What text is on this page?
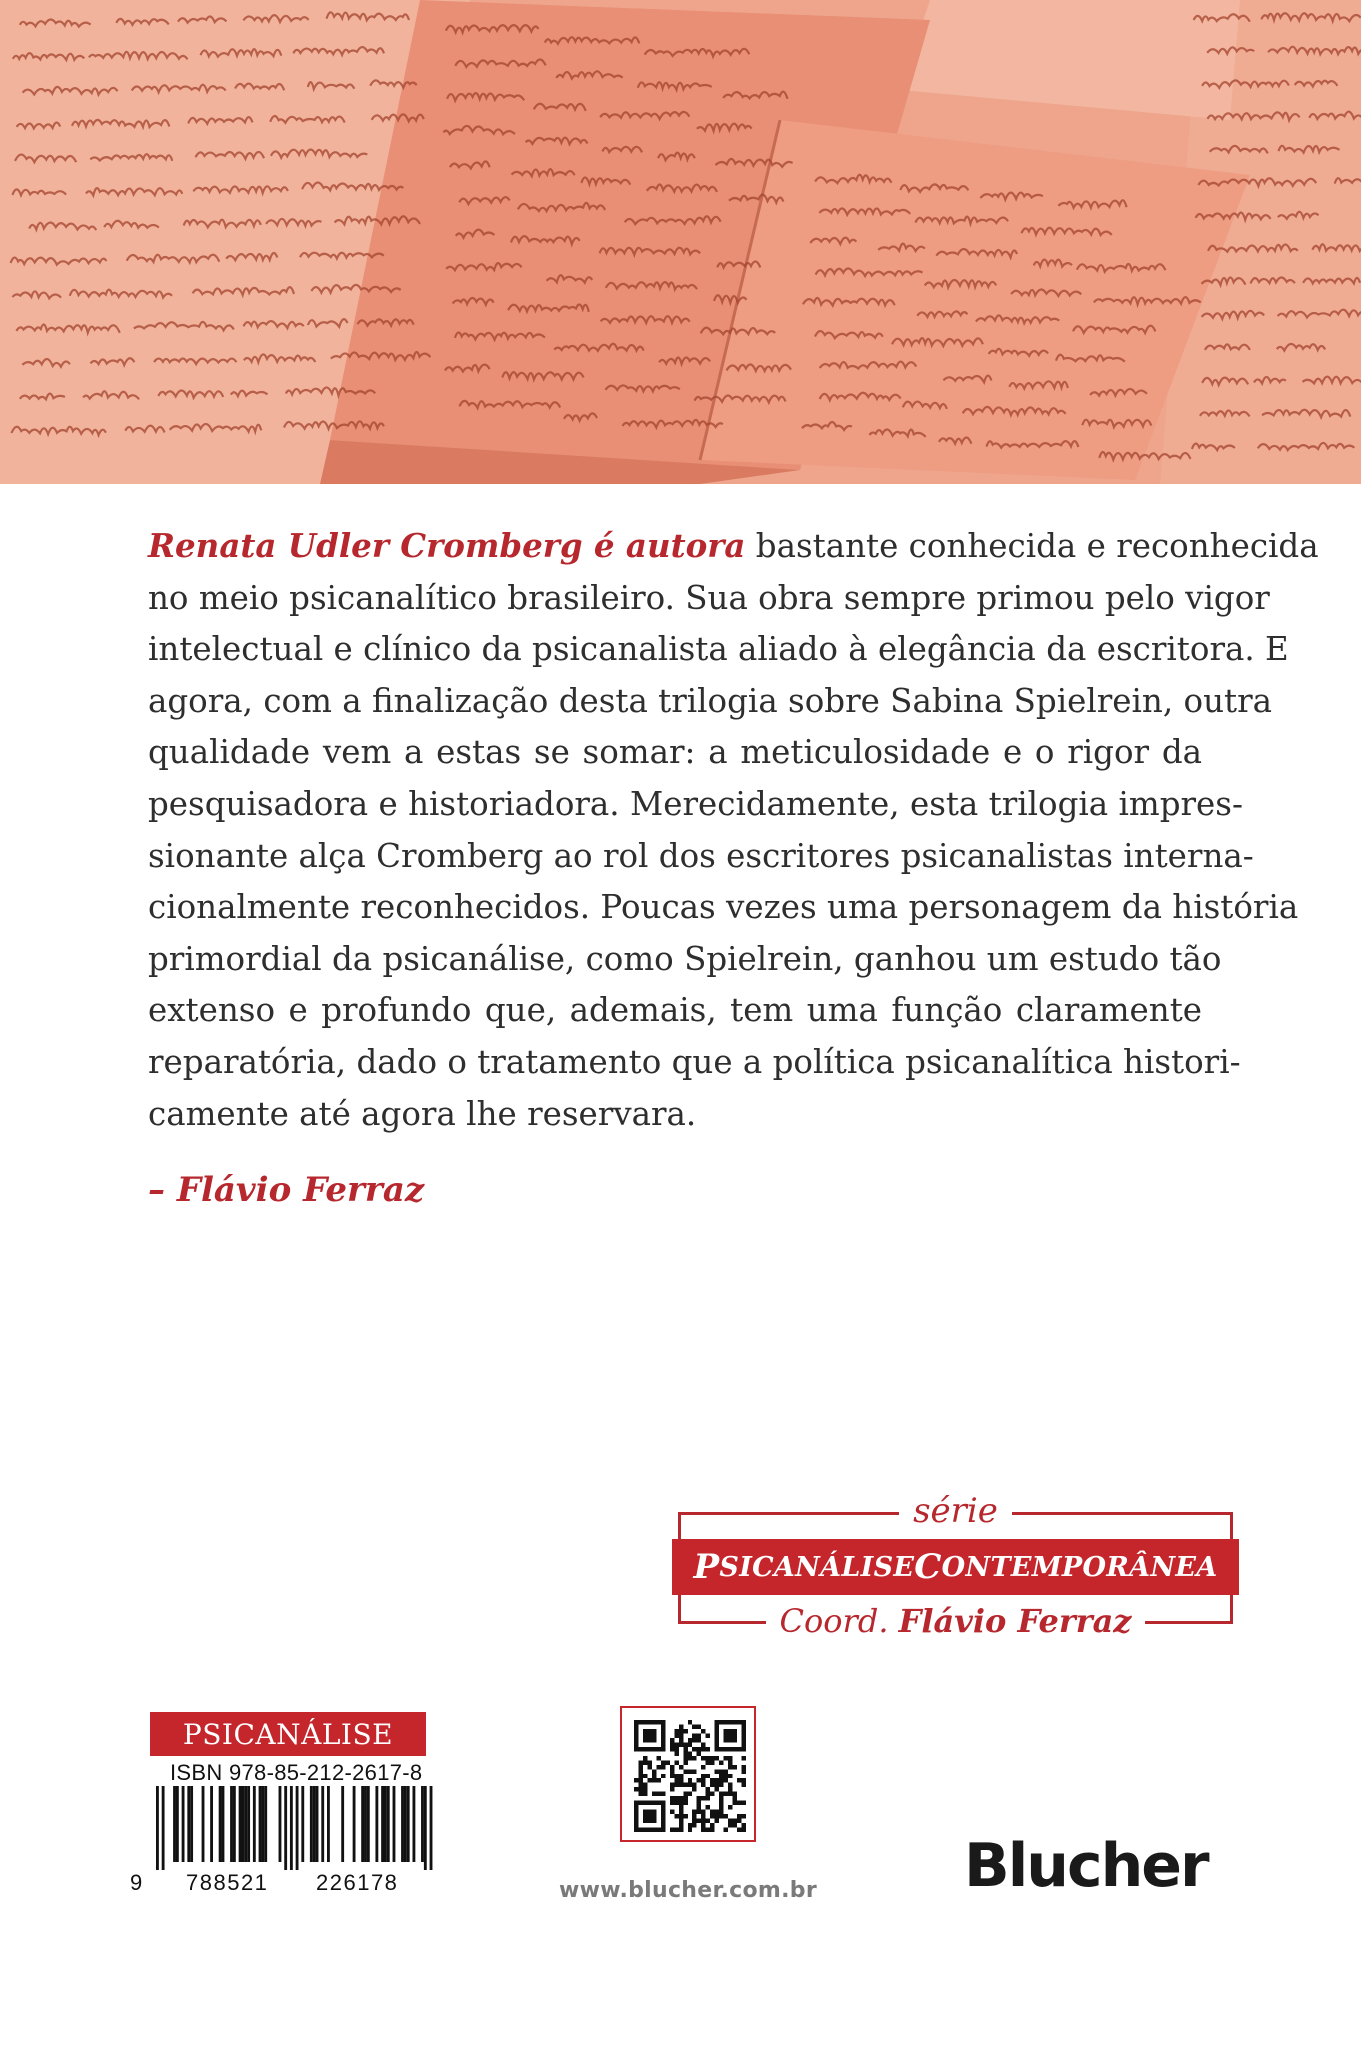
Renata Udler Cromberg é autora bastante conhecida e reconhecida
no meio psicanalítico brasileiro. Sua obra sempre primou pelo vigor
intelectual e clínico da psicanalista aliado à elegância da escritora. E
agora, com a finalização desta trilogia sobre Sabina Spielrein, outra
qualidade vem a estas se somar: a meticulosidade e o rigor da
pesquisadora e historiadora. Merecidamente, esta trilogia impres-
sionante alça Cromberg ao rol dos escritores psicanalistas interna-
cionalmente reconhecidos. Poucas vezes uma personagem da história
primordial da psicanálise, como Spielrein, ganhou um estudo tão
extenso e profundo que, ademais, tem uma função claramente
reparatória, dado o tratamento que a política psicanalítica histori-
camente até agora lhe reservara.
– Flávio Ferraz
série
P SICANÁLISE C ONTEMPORÂNEA
Coord. Flávio Ferraz
PSICANÁLISE
ISBN 978-85-212-2617-8
9 788521 226178	www.blucher.com.br Blucher
